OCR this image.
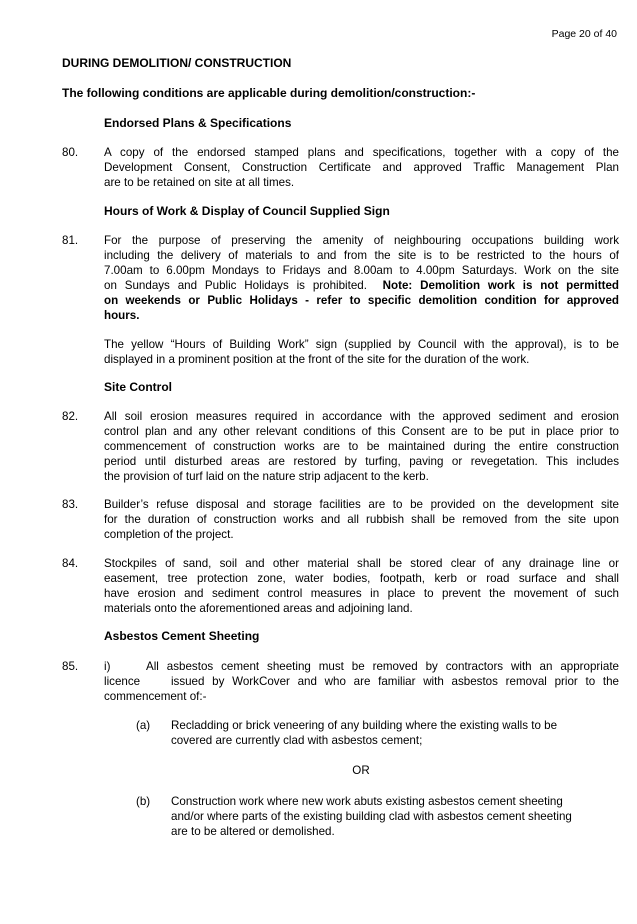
Page 20 of 40
DURING DEMOLITION/ CONSTRUCTION
The following conditions are applicable during demolition/construction:-
Endorsed Plans & Specifications
80. A copy of the endorsed stamped plans and specifications, together with a copy of the
Development Consent, Construction Certificate and approved Traffic Management Plan
are to be retained on site at all times.
Hours of Work & Display of Council Supplied Sign
81. For the purpose of preserving the amenity of neighbouring occupations building work
including the delivery of materials to and from the site is to be restricted to the hours of
7.00am to 6.00pm Mondays to Fridays and 8.00am to 4.00pm Saturdays. Work on the site
on Sundays and Public Holidays is prohibited. Note: Demolition work is not permitted
on weekends or Public Holidays - refer to specific demolition condition for approved
hours.
The yellow “Hours of Building Work” sign (supplied by Council with the approval), is to be
displayed in a prominent position at the front of the site for the duration of the work.
Site Control
82. All soil erosion measures required in accordance with the approved sediment and erosion
control plan and any other relevant conditions of this Consent are to be put in place prior to
commencement of construction works are to be maintained during the entire construction
period until disturbed areas are restored by turfing, paving or revegetation. This includes
the provision of turf laid on the nature strip adjacent to the kerb.
83. Builder’s refuse disposal and storage facilities are to be provided on the development site
for the duration of construction works and all rubbish shall be removed from the site upon
completion of the project.
84. Stockpiles of sand, soil and other material shall be stored clear of any drainage line or
easement, tree protection zone, water bodies, footpath, kerb or road surface and shall
have erosion and sediment control measures in place to prevent the movement of such
materials onto the aforementioned areas and adjoining land.
Asbestos Cement Sheeting
85. i)	All asbestos cement sheeting must be removed by contractors with an appropriate
licence    issued by WorkCover and who are familiar with asbestos removal prior to the
commencement of:-
(a) Recladding or brick veneering of any building where the existing walls to be
covered are currently clad with asbestos cement;
OR
(b) Construction work where new work abuts existing asbestos cement sheeting
and/or where parts of the existing building clad with asbestos cement sheeting
are to be altered or demolished.
